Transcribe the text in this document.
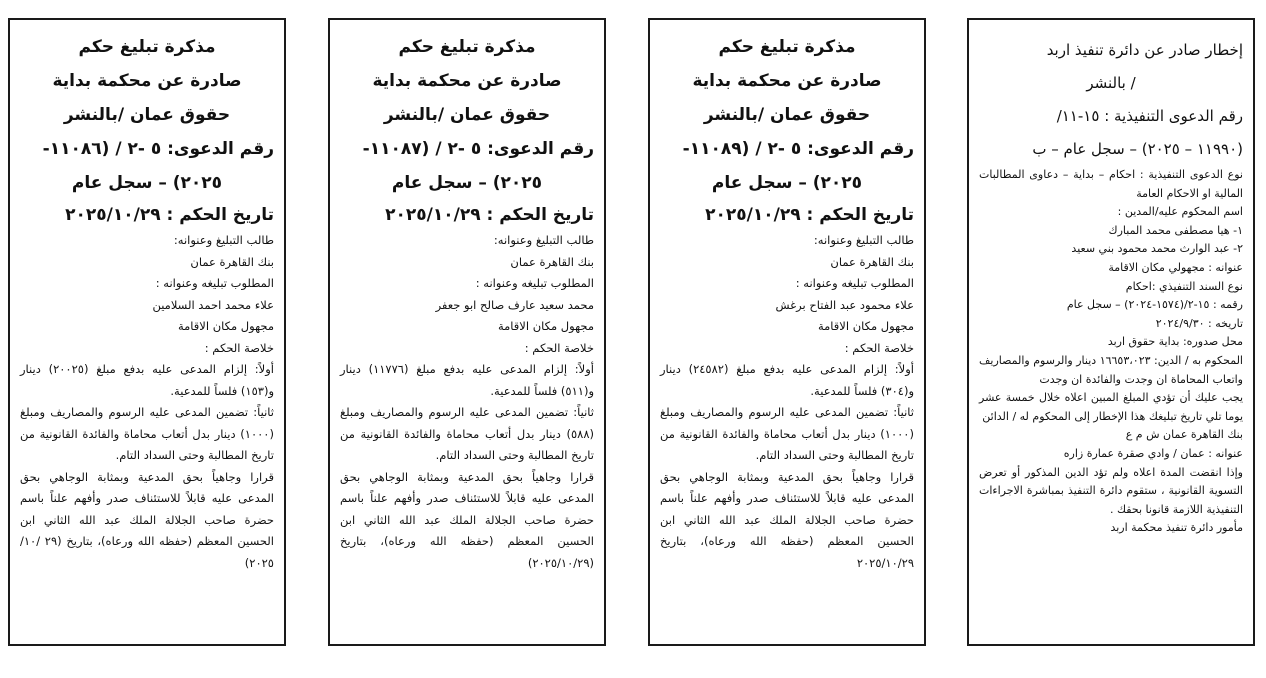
مذكرة تبليغ حكم

صادرة عن محكمة بداية

حقوق عمان /بالنشر

رقم الدعوى: ٥ -٢ / (١١٠٨٦-

٢٠٢٥) – سجل عام

تاريخ الحكم : ٢٠٢٥/١٠/٢٩

طالب التبليغ وعنوانه:

بنك القاهرة عمان

المطلوب تبليغه وعنوانه :

علاء محمد احمد السلامين

مجهول مكان الاقامة

خلاصة الحكم :

أولاً: إلزام المدعى عليه بدفع مبلغ (٢٠٠٢٥) دينار و(١٥٣) فلساً للمدعية.

ثانياً: تضمين المدعى عليه الرسوم والمصاريف ومبلغ (١٠٠٠) دينار بدل أتعاب محاماة والفائدة القانونية من تاريخ المطالبة وحتى السداد التام.

قرارا وجاهياً بحق المدعية وبمثابة الوجاهي بحق المدعى عليه قابلاً للاستئناف صدر وأفهم علناً باسم حضرة صاحب الجلالة الملك عبد الله الثاني ابن الحسين المعظم (حفظه الله ورعاه)، بتاريخ (٢٩ /١٠/ ٢٠٢٥)

مذكرة تبليغ حكم

صادرة عن محكمة بداية

حقوق عمان /بالنشر

رقم الدعوى: ٥ -٢ / (١١٠٨٧-

٢٠٢٥) – سجل عام

تاريخ الحكم : ٢٠٢٥/١٠/٢٩

طالب التبليغ وعنوانه:

بنك القاهرة عمان

المطلوب تبليغه وعنوانه :

محمد سعيد عارف صالح ابو جعفر

مجهول مكان الاقامة

خلاصة الحكم :

أولاً: إلزام المدعى عليه بدفع مبلغ (١١٧٧٦) دينار و(٥١١) فلساً للمدعية.

ثانياً: تضمين المدعى عليه الرسوم والمصاريف ومبلغ (٥٨٨) دينار بدل أتعاب محاماة والفائدة القانونية من تاريخ المطالبة وحتى السداد التام.

قرارا وجاهياً بحق المدعية وبمثابة الوجاهي بحق المدعى عليه قابلاً للاستئناف صدر وأفهم علناً باسم حضرة صاحب الجلالة الملك عبد الله الثاني ابن الحسين المعظم (حفظه الله ورعاه)، بتاريخ (٢٠٢٥/١٠/٢٩)

مذكرة تبليغ حكم

صادرة عن محكمة بداية

حقوق عمان /بالنشر

رقم الدعوى: ٥ -٢ / (١١٠٨٩-

٢٠٢٥) – سجل عام

تاريخ الحكم : ٢٠٢٥/١٠/٢٩

طالب التبليغ وعنوانه:

بنك القاهرة عمان

المطلوب تبليغه وعنوانه :

علاء محمود عبد الفتاح برغش

مجهول مكان الاقامة

خلاصة الحكم :

أولاً: إلزام المدعى عليه بدفع مبلغ (٢٤٥٨٢) دينار و(٣٠٤) فلساً للمدعية.

ثانياً: تضمين المدعى عليه الرسوم والمصاريف ومبلغ (١٠٠٠) دينار بدل أتعاب محاماة والفائدة القانونية من تاريخ المطالبة وحتى السداد التام.

قرارا وجاهياً بحق المدعية وبمثابة الوجاهي بحق المدعى عليه قابلاً للاستئناف صدر وأفهم علناً باسم حضرة صاحب الجلالة الملك عبد الله الثاني ابن الحسين المعظم (حفظه الله ورعاه)، بتاريخ ٢٠٢٥/١٠/٢٩

إخطار صادر عن دائرة تنفيذ اربد

/ بالنشر

رقم الدعوى التنفيذية : ١٥-١١/

(١١٩٩٠ – ٢٠٢٥) – سجل عام – ب

نوع الدعوى التنفيذية : احكام – بداية – دعاوى المطالبات المالية او الاحكام العامة

اسم المحكوم عليه/المدين :

١- هيا مصطفى محمد المبارك

٢- عبد الوارث محمد محمود بني سعيد

عنوانه : مجهولي مكان الاقامة

نوع السند التنفيذي :احكام

رقمه : ١٥-٢/(١٥٧٤-٢٠٢٤) – سجل عام

تاريخه : ٢٠٢٤/٩/٣٠

محل صدوره: بداية حقوق اربد

المحكوم به / الدين: ١٦٦٥٣،٠٢٣ دينار والرسوم والمصاريف واتعاب المحاماة ان وجدت والفائدة ان وجدت

يجب عليك أن تؤدي المبلغ المبين اعلاه خلال خمسة عشر يوما تلي تاريخ تبليغك هذا الإخطار إلى المحكوم له / الدائن

بنك القاهرة عمان ش م ع

عنوانه : عمان / وادي صقرة عمارة زاره

وإذا انقضت المدة اعلاه ولم تؤد الدين المذكور أو تعرض التسوية القانونية ، ستقوم دائرة التنفيذ بمباشرة الاجراءات التنفيذية اللازمة قانونا بحقك .

مأمور دائرة تنفيذ محكمة اربد
